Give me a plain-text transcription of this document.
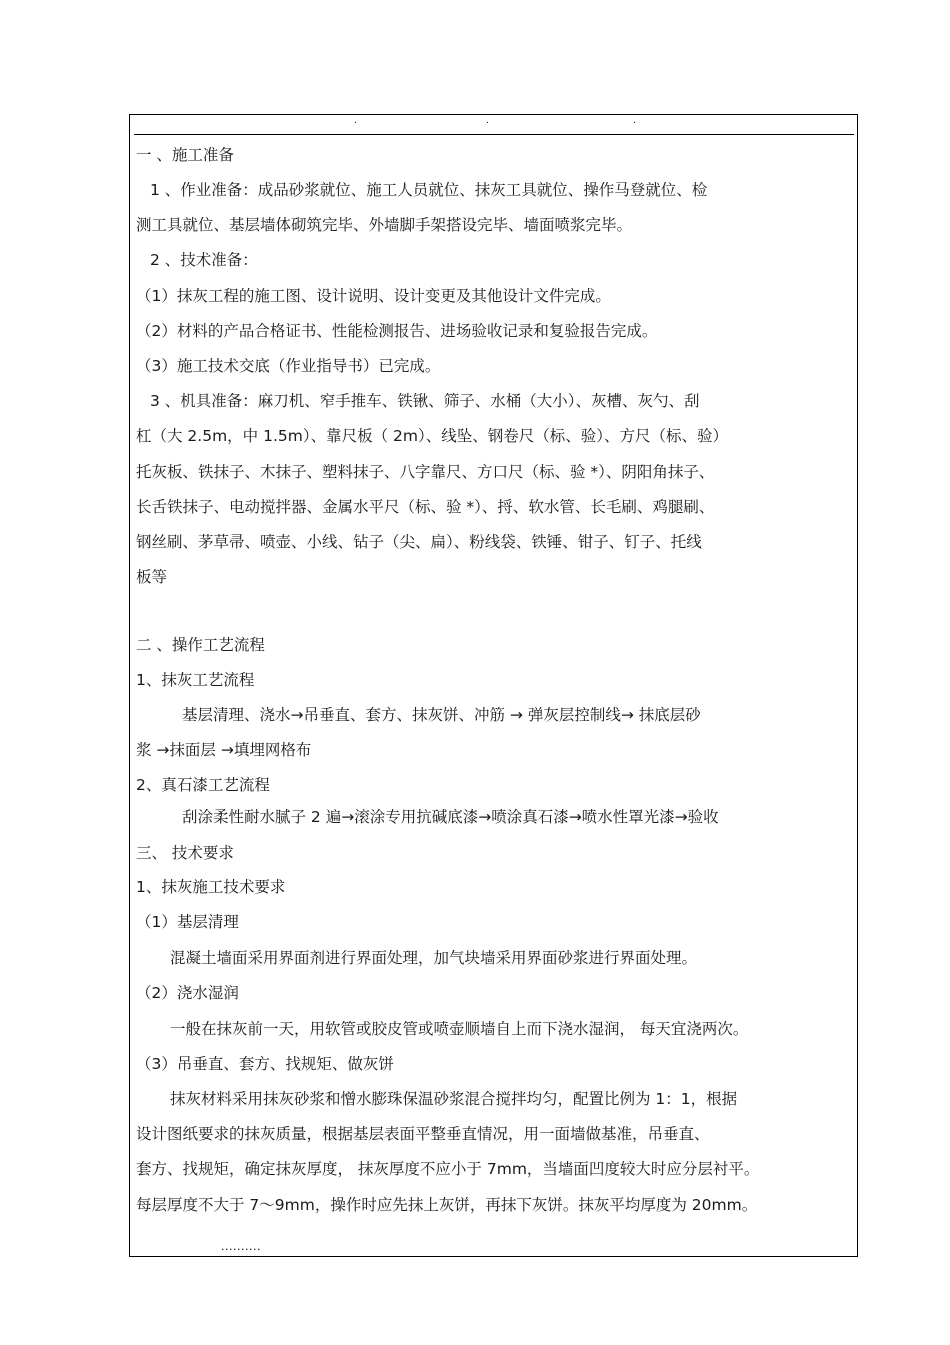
.	.	.

一 、施工准备

1 、作业准备：成品砂浆就位、施工人员就位、抹灰工具就位、操作马登就位、检

测工具就位、基层墙体砌筑完毕、外墙脚手架搭设完毕、墙面喷浆完毕。

2 、技术准备：

（1）抹灰工程的施工图、设计说明、设计变更及其他设计文件完成。

（2）材料的产品合格证书、性能检测报告、进场验收记录和复验报告完成。

（3）施工技术交底（作业指导书）已完成。

3 、机具准备：麻刀机、窄手推车、铁锹、筛子、水桶（大小）、灰槽、灰勺、刮

杠（大 2.5m，中 1.5m）、靠尺板（ 2m）、线坠、钢卷尺（标、验）、方尺（标、验）

托灰板、铁抹子、木抹子、塑料抹子、八字靠尺、方口尺（标、验 *）、阴阳角抹子、

长舌铁抹子、电动搅拌器、金属水平尺（标、验 *）、捋、软水管、长毛刷、鸡腿刷、

钢丝刷、茅草帚、喷壶、小线、钻子（尖、扁）、粉线袋、铁锤、钳子、钉子、托线

板等

二 、操作工艺流程

1、抹灰工艺流程

基层清理、浇水→吊垂直、套方、抹灰饼、冲筋 → 弹灰层控制线→ 抹底层砂

浆 →抹面层 →填埋网格布

2、真石漆工艺流程

刮涂柔性耐水腻子 2 遍→滚涂专用抗碱底漆→喷涂真石漆→喷水性罩光漆→验收

三、 技术要求

1、抹灰施工技术要求

（1）基层清理

混凝土墙面采用界面剂进行界面处理，加气块墙采用界面砂浆进行界面处理。

（2）浇水湿润

一般在抹灰前一天，用软管或胶皮管或喷壶顺墙自上而下浇水湿润， 每天宜浇两次。

（3）吊垂直、套方、找规矩、做灰饼

抹灰材料采用抹灰砂浆和憎水膨珠保温砂浆混合搅拌均匀，配置比例为 1：1，根据

设计图纸要求的抹灰质量，根据基层表面平整垂直情况，用一面墙做基准，吊垂直、

套方、找规矩，确定抹灰厚度， 抹灰厚度不应小于 7mm，当墙面凹度较大时应分层衬平。

每层厚度不大于 7～9mm，操作时应先抹上灰饼，再抹下灰饼。抹灰平均厚度为 20mm。

..........
